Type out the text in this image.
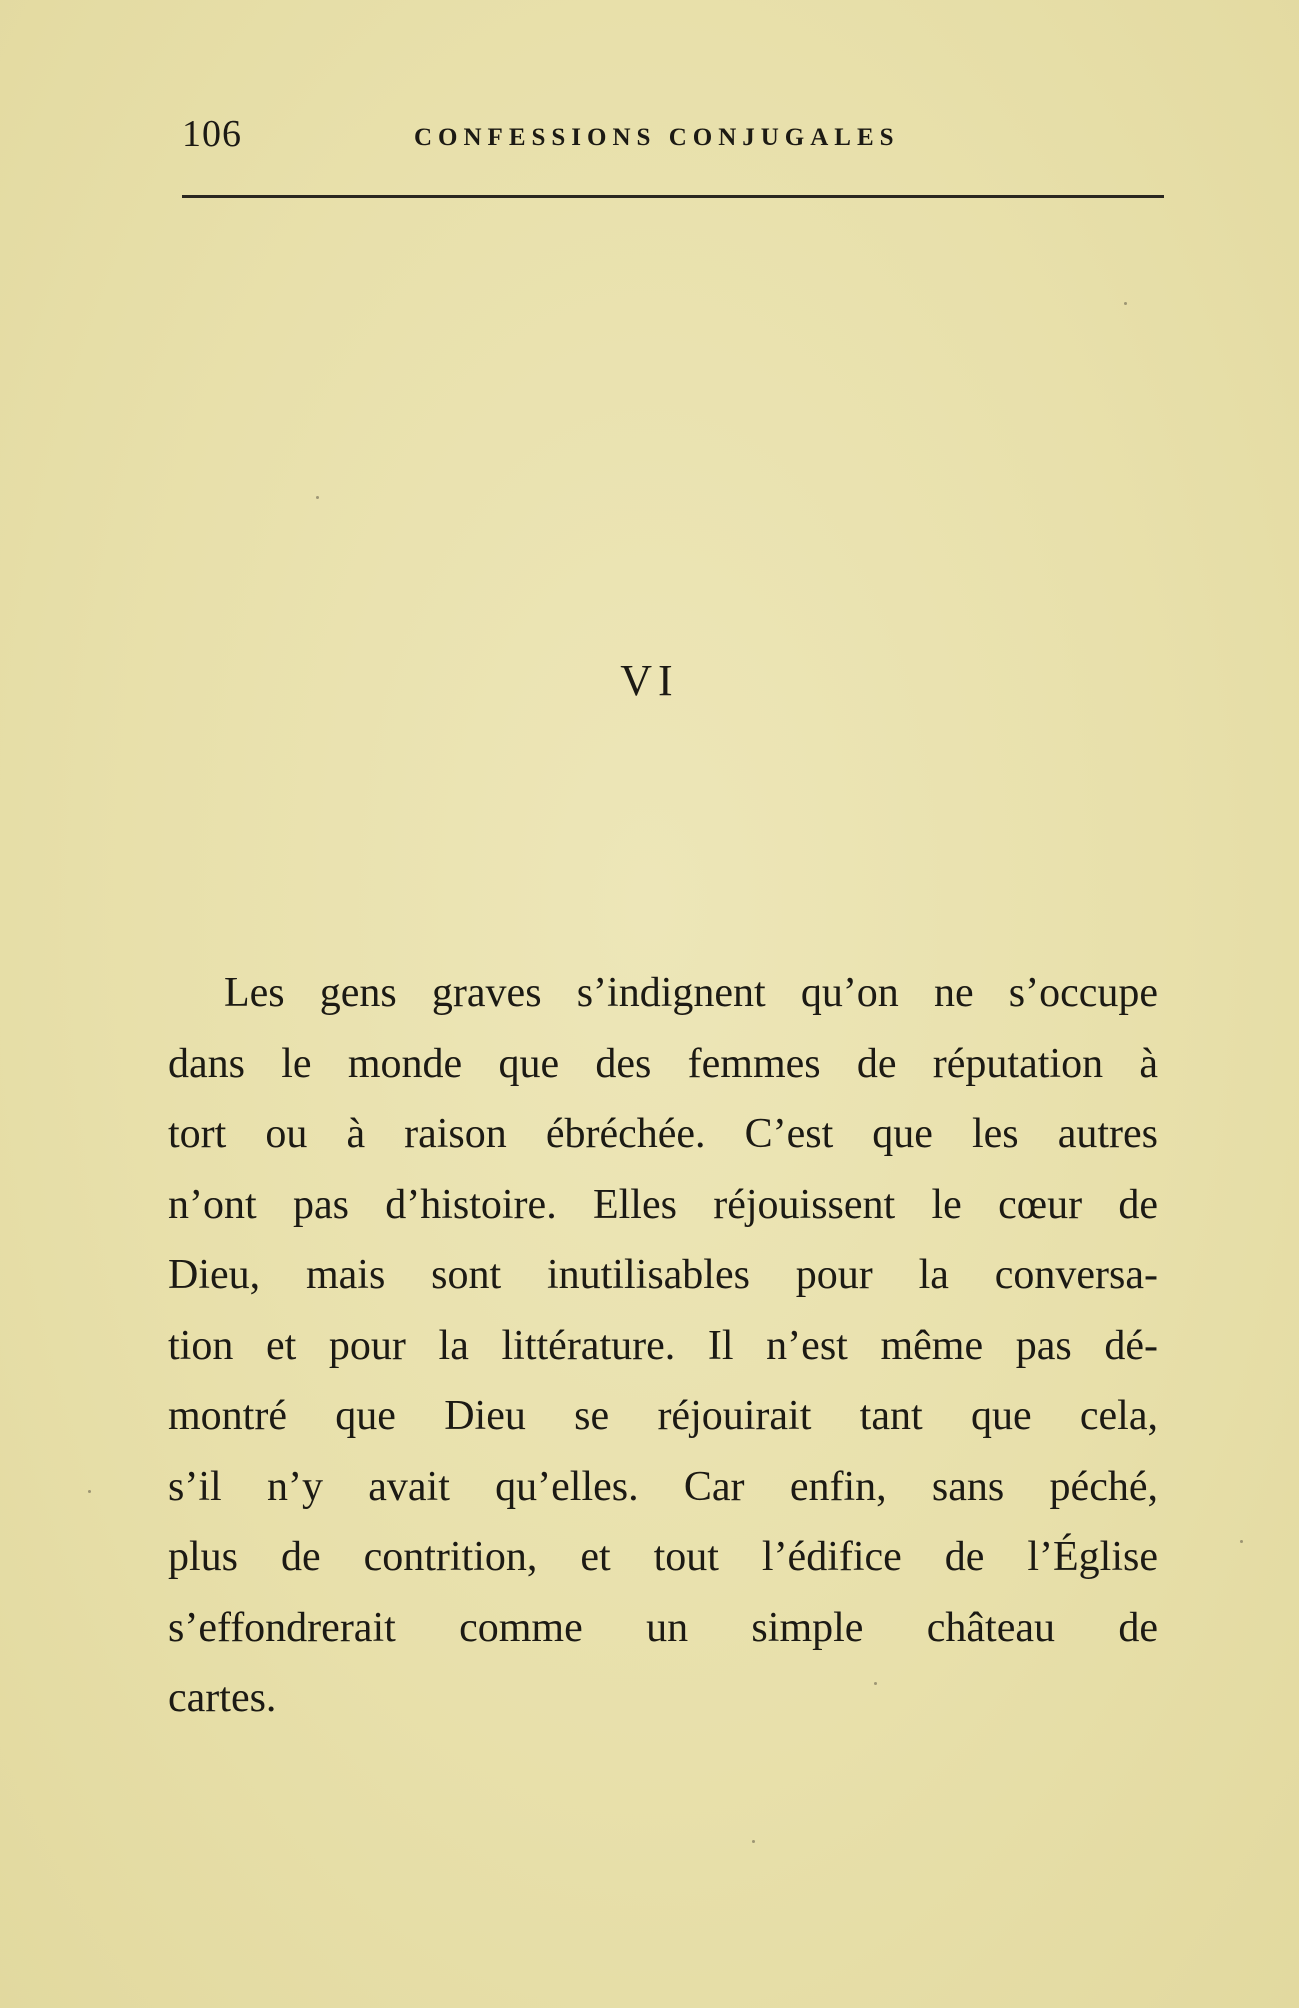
106	CONFESSIONS CONJUGALES
VI
Les gens graves s’indignent qu’on ne s’occupe
dans le monde que des femmes de réputation à
tort ou à raison ébréchée. C’est que les autres
n’ont pas d’histoire. Elles réjouissent le cœur de
Dieu, mais sont inutilisables pour la conversa-
tion et pour la littérature. Il n’est même pas dé-
montré que Dieu se réjouirait tant que cela,
s’il n’y avait qu’elles. Car enfin, sans péché,
plus de contrition, et tout l’édifice de l’Église
s’effondrerait comme un simple château de
cartes.
